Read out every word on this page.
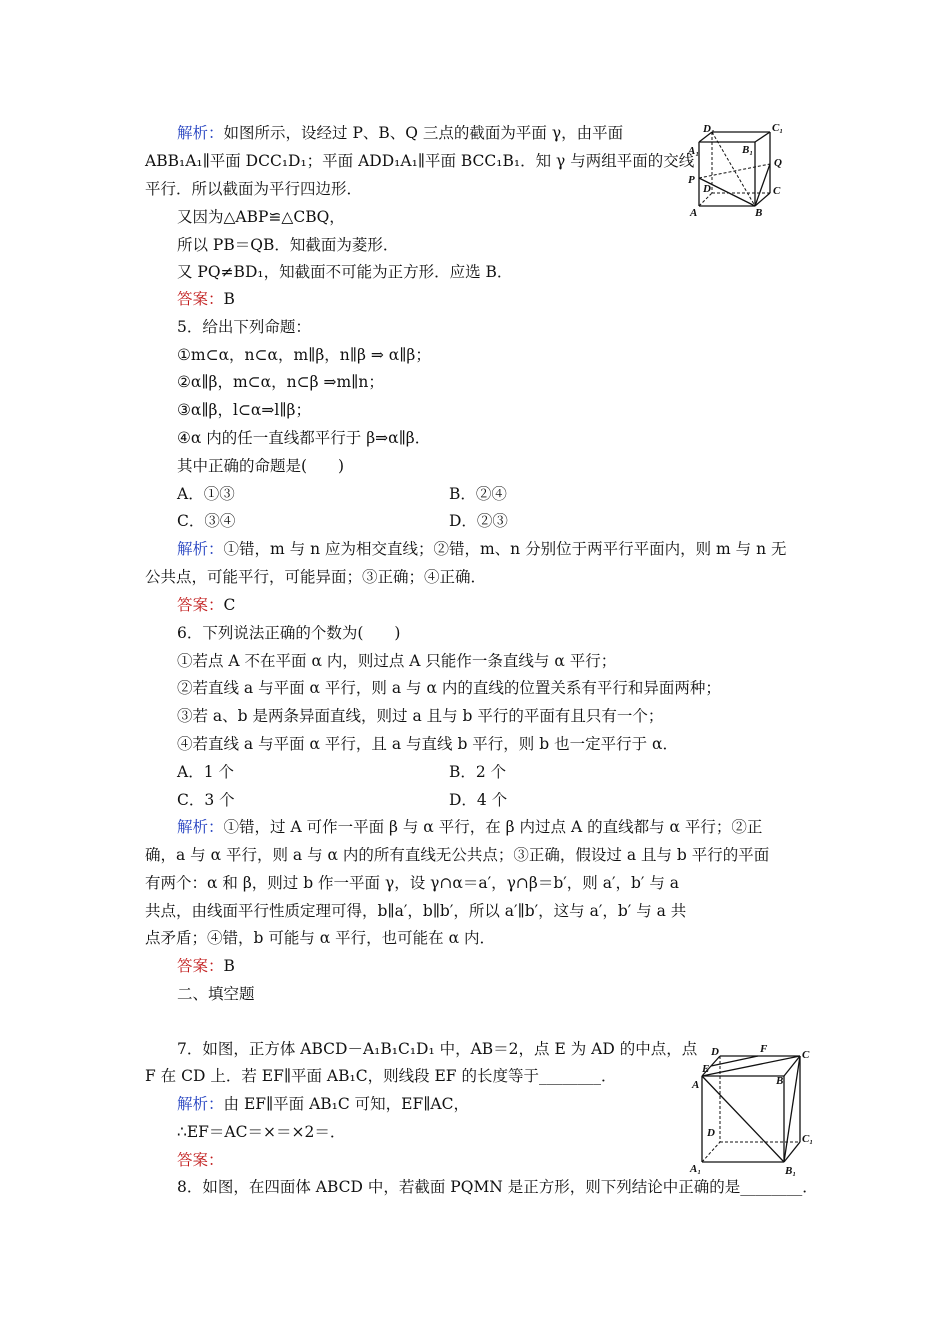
解析：如图所示，设经过 P、B、Q 三点的截面为平面 γ，由平面
ABB₁A₁∥平面 DCC₁D₁；平面 ADD₁A₁∥平面 BCC₁B₁．知 γ 与两组平面的交线
平行．所以截面为平行四边形．
又因为△ABP≌△CBQ，
所以 PB＝QB．知截面为菱形．
又 PQ≠BD₁，知截面不可能为正方形．应选 B．
答案：B
D₁	C₁
A₁	B₁
Q
P
D	C
A	B
5．给出下列命题：
①m⊂α，n⊂α，m∥β，n∥β ⇒ α∥β；
②α∥β，m⊂α，n⊂β ⇒m∥n；
③α∥β，l⊂α⇒l∥β；
④α 内的任一直线都平行于 β⇒α∥β．
其中正确的命题是(　　)
A．①③	B．②④
C．③④	D．②③
解析：①错，m 与 n 应为相交直线；②错，m、n 分别位于两平行平面内，则 m 与 n 无
公共点，可能平行，可能异面；③正确；④正确．
答案：C
6．下列说法正确的个数为(　　)
①若点 A 不在平面 α 内，则过点 A 只能作一条直线与 α 平行；
②若直线 a 与平面 α 平行，则 a 与 α 内的直线的位置关系有平行和异面两种；
③若 a、b 是两条异面直线，则过 a 且与 b 平行的平面有且只有一个；
④若直线 a 与平面 α 平行，且 a 与直线 b 平行，则 b 也一定平行于 α．
A．1 个	B．2 个
C．3 个	D．4 个
解析：①错，过 A 可作一平面 β 与 α 平行，在 β 内过点 A 的直线都与 α 平行；②正
确，a 与 α 平行，则 a 与 α 内的所有直线无公共点；③正确，假设过 a 且与 b 平行的平面
有两个：α 和 β，则过 b 作一平面 γ，设 γ∩α＝a′，γ∩β＝b′，则 a′，b′ 与 a
共点，由线面平行性质定理可得，b∥a′，b∥b′，所以 a′∥b′，这与 a′，b′ 与 a 共
点矛盾；④错，b 可能与 α 平行，也可能在 α 内．
答案：B
二、填空题
7．如图，正方体 ABCD－A₁B₁C₁D₁ 中，AB＝2，点 E 为 AD 的中点，点
F 在 CD 上．若 EF∥平面 AB₁C，则线段 EF 的长度等于________．
解析：由 EF∥平面 AB₁C 可知，EF∥AC，
∴EF＝AC＝×＝×2＝．
答案：
D	F	C
E
A	B
D	C₁
A₁	B₁
8．如图，在四面体 ABCD 中，若截面 PQMN 是正方形，则下列结论中正确的是________．
